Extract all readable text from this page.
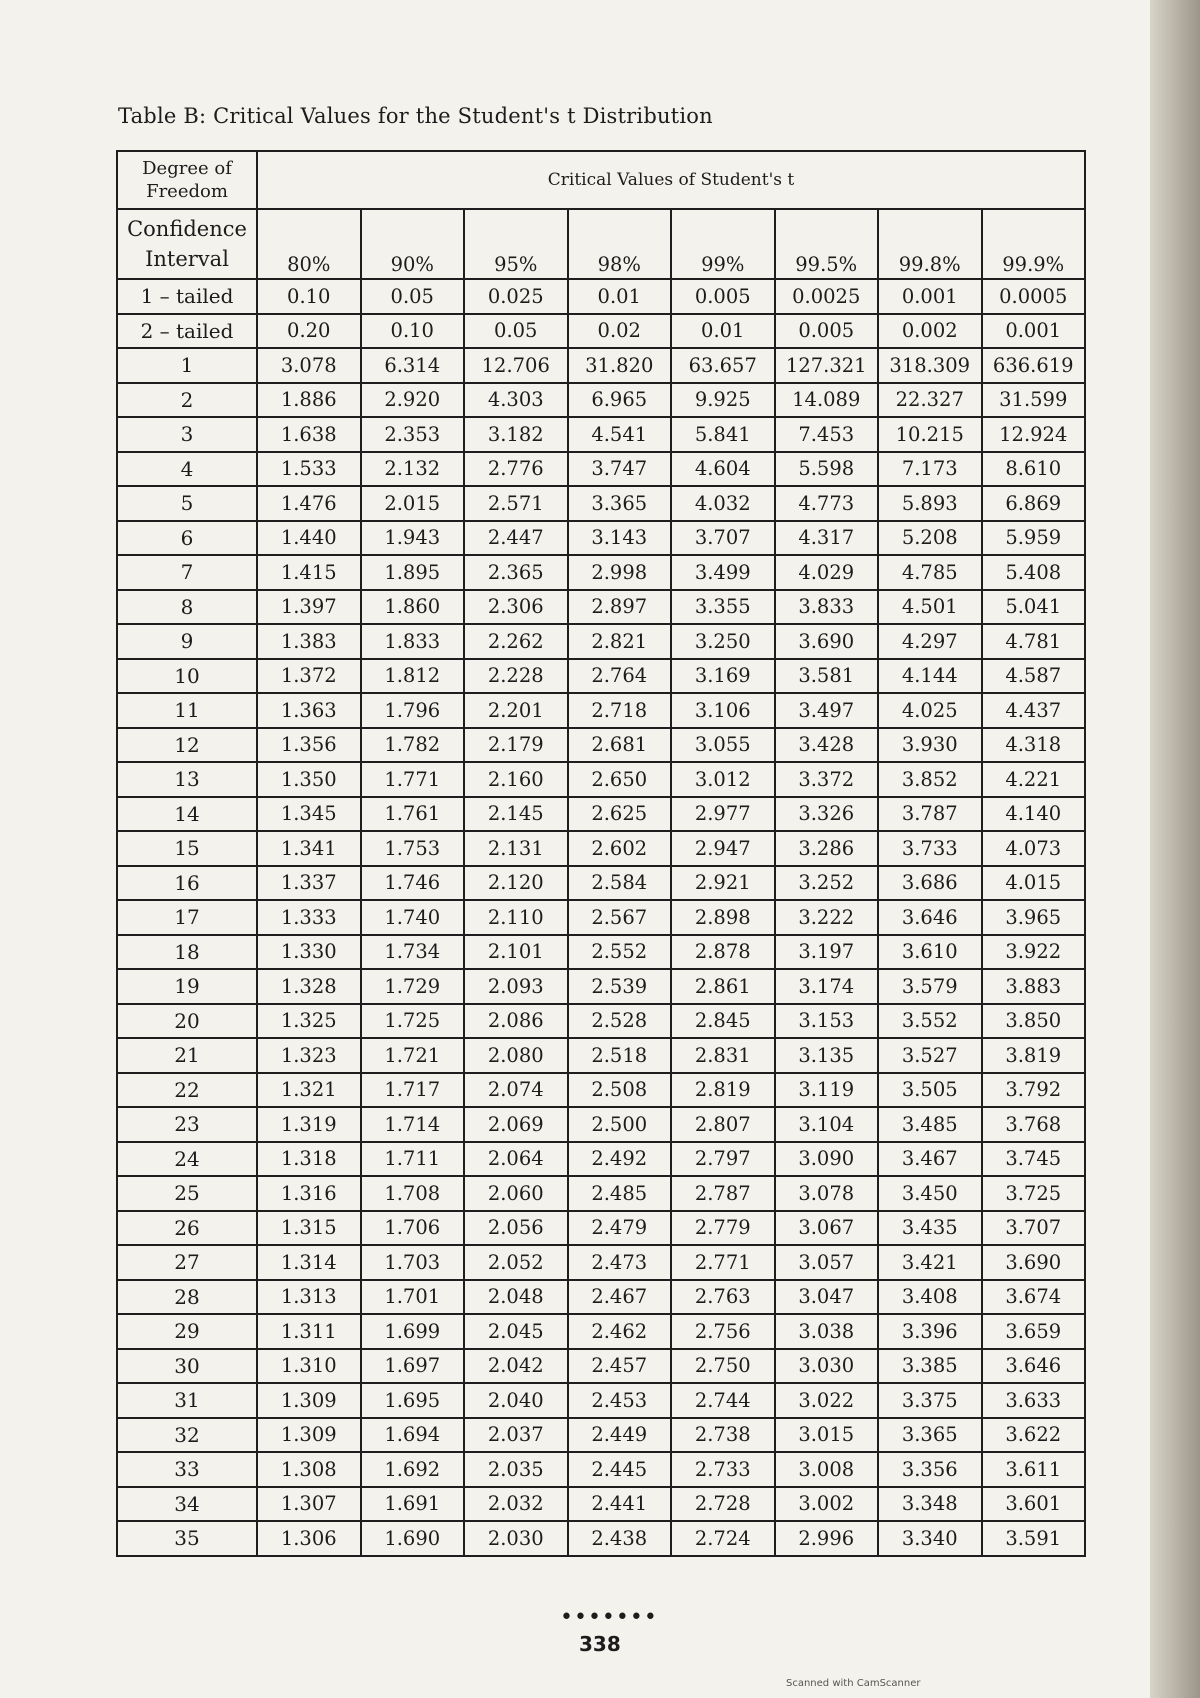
Table B: Critical Values for the Student's t Distribution
Degree of Freedom	Critical Values of Student's t							
Confidence Interval	80%	90%	95%	98%	99%	99.5%	99.8%	99.9%
1 – tailed	0.10	0.05	0.025	0.01	0.005	0.0025	0.001	0.0005
2 – tailed	0.20	0.10	0.05	0.02	0.01	0.005	0.002	0.001
1	3.078	6.314	12.706	31.820	63.657	127.321	318.309	636.619
2	1.886	2.920	4.303	6.965	9.925	14.089	22.327	31.599
3	1.638	2.353	3.182	4.541	5.841	7.453	10.215	12.924
4	1.533	2.132	2.776	3.747	4.604	5.598	7.173	8.610
5	1.476	2.015	2.571	3.365	4.032	4.773	5.893	6.869
6	1.440	1.943	2.447	3.143	3.707	4.317	5.208	5.959
7	1.415	1.895	2.365	2.998	3.499	4.029	4.785	5.408
8	1.397	1.860	2.306	2.897	3.355	3.833	4.501	5.041
9	1.383	1.833	2.262	2.821	3.250	3.690	4.297	4.781
10	1.372	1.812	2.228	2.764	3.169	3.581	4.144	4.587
11	1.363	1.796	2.201	2.718	3.106	3.497	4.025	4.437
12	1.356	1.782	2.179	2.681	3.055	3.428	3.930	4.318
13	1.350	1.771	2.160	2.650	3.012	3.372	3.852	4.221
14	1.345	1.761	2.145	2.625	2.977	3.326	3.787	4.140
15	1.341	1.753	2.131	2.602	2.947	3.286	3.733	4.073
16	1.337	1.746	2.120	2.584	2.921	3.252	3.686	4.015
17	1.333	1.740	2.110	2.567	2.898	3.222	3.646	3.965
18	1.330	1.734	2.101	2.552	2.878	3.197	3.610	3.922
19	1.328	1.729	2.093	2.539	2.861	3.174	3.579	3.883
20	1.325	1.725	2.086	2.528	2.845	3.153	3.552	3.850
21	1.323	1.721	2.080	2.518	2.831	3.135	3.527	3.819
22	1.321	1.717	2.074	2.508	2.819	3.119	3.505	3.792
23	1.319	1.714	2.069	2.500	2.807	3.104	3.485	3.768
24	1.318	1.711	2.064	2.492	2.797	3.090	3.467	3.745
25	1.316	1.708	2.060	2.485	2.787	3.078	3.450	3.725
26	1.315	1.706	2.056	2.479	2.779	3.067	3.435	3.707
27	1.314	1.703	2.052	2.473	2.771	3.057	3.421	3.690
28	1.313	1.701	2.048	2.467	2.763	3.047	3.408	3.674
29	1.311	1.699	2.045	2.462	2.756	3.038	3.396	3.659
30	1.310	1.697	2.042	2.457	2.750	3.030	3.385	3.646
31	1.309	1.695	2.040	2.453	2.744	3.022	3.375	3.633
32	1.309	1.694	2.037	2.449	2.738	3.015	3.365	3.622
33	1.308	1.692	2.035	2.445	2.733	3.008	3.356	3.611
34	1.307	1.691	2.032	2.441	2.728	3.002	3.348	3.601
35	1.306	1.690	2.030	2.438	2.724	2.996	3.340	3.591
•••••••
338
Scanned with CamScanner
